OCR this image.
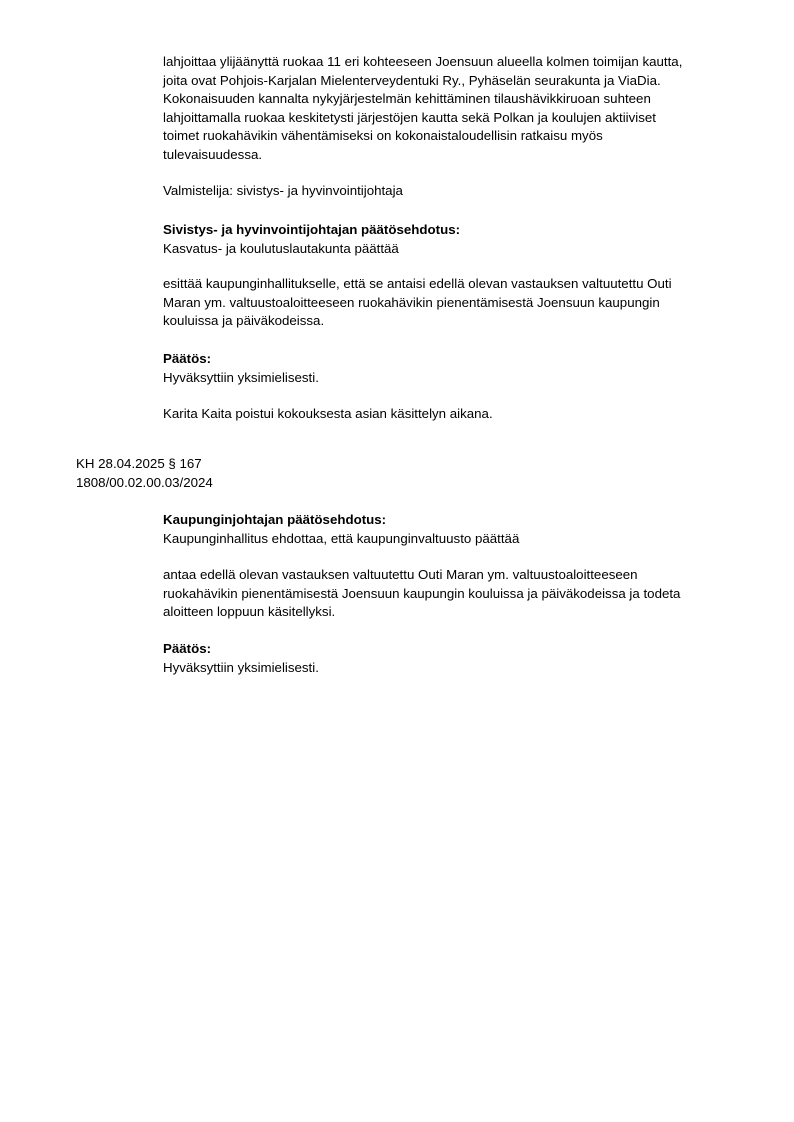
lahjoittaa ylijäänyttä ruokaa 11 eri kohteeseen Joensuun alueella kolmen toimijan kautta,
joita ovat Pohjois-Karjalan Mielenterveydentuki Ry., Pyhäselän seurakunta ja ViaDia.
Kokonaisuuden kannalta nykyjärjestelmän kehittäminen tilaushävikkiruoan suhteen
lahjoittamalla ruokaa keskitetysti järjestöjen kautta sekä Polkan ja koulujen aktiiviset
toimet ruokahävikin vähentämiseksi on kokonaistaloudellisin ratkaisu myös
tulevaisuudessa.

Valmistelija: sivistys- ja hyvinvointijohtaja

Sivistys- ja hyvinvointijohtajan päätösehdotus:
Kasvatus- ja koulutuslautakunta päättää

esittää kaupunginhallitukselle, että se antaisi edellä olevan vastauksen valtuutettu Outi
Maran ym. valtuustoaloitteeseen ruokahävikin pienentämisestä Joensuun kaupungin
kouluissa ja päiväkodeissa.

Päätös:
Hyväksyttiin yksimielisesti.

Karita Kaita poistui kokouksesta asian käsittelyn aikana.

KH 28.04.2025 § 167
1808/00.02.00.03/2024

Kaupunginjohtajan päätösehdotus:
Kaupunginhallitus ehdottaa, että kaupunginvaltuusto päättää

antaa edellä olevan vastauksen valtuutettu Outi Maran ym. valtuustoaloitteeseen
ruokahävikin pienentämisestä Joensuun kaupungin kouluissa ja päiväkodeissa ja todeta
aloitteen loppuun käsitellyksi.

Päätös:
Hyväksyttiin yksimielisesti.
